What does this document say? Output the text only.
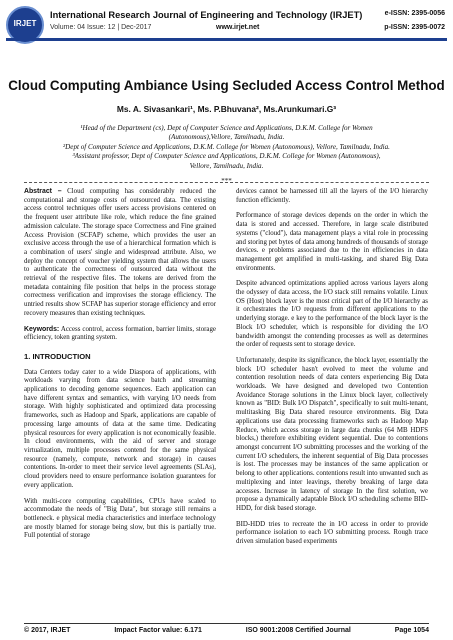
IRJET
International Research Journal of Engineering and Technology (IRJET)
Volume: 04 Issue: 12 | Dec-2017	www.irjet.net
e-ISSN: 2395-0056
p-ISSN: 2395-0072
Cloud Computing Ambiance Using Secluded Access Control Method
Ms. A. Sivasankari¹, Ms. P.Bhuvana², Ms.Arunkumari.G³
¹Head of the Department (cs), Dept of Computer Science and Applications, D.K.M. College for Women
(Autonomous),Vellore, Tamilnadu, India.
²Dept of Computer Science and Applications, D.K.M. College for Women (Autonomous), Vellore, Tamilnadu, India.
³Assistant professor, Dept of Computer Science and Applications, D.K.M. College for Women (Autonomous),
Vellore, Tamilnadu, India.
***

Abstract – Cloud computing has considerably reduced the computational and storage costs of outsourced data. The existing access control techniques offer users access provisions centered on the frequent user attribute like role, which reduce the fine grained admission calculate. The storage space Correctness and Fine grained Access Provision (SCFAP) scheme, which provides the user an exclusive access through the use of a hierarchical formation which is a combination of users' single and widespread attribute. Also, we deploy the concept of voucher yielding system that allows the users to authenticate the correctness of outsourced data without the retrieval of the respective files. The tokens are derived from the metadata containing file position that helps in the process storage correctness verification and improvises the storage efficiency. The untried results show SCFAP has superior storage efficiency and error recovery measures than existing techniques.

Keywords: Access control, access formation, barrier limits, storage efficiency, token granting system.

1. INTRODUCTION

Data Centers today cater to a wide Diaspora of applications, with workloads varying from data science batch and streaming applications to decoding genome sequences. Each application can have different syntax and semantics, with varying I/O needs from storage. With highly sophisticated and optimized data processing frameworks, such as Hadoop and Spark, applications are capable of processing large amounts of data at the same time. Dedicating physical resources for every application is not economically feasible. In cloud environments, with the aid of server and storage virtualization, multiple processes contend for the same physical resource (namely, compute, network and storage) in causes contentions. In-order to meet their service level agreements (SLAs), cloud providers need to ensure performance isolation guarantees for every application.

With multi-core computing capabilities, CPUs have scaled to accommodate the needs of "Big Data", but storage still remains a bottleneck. e physical media characteristics and interface technology are mostly blamed for storage being slow, but this is partially true. Full potential of storage

devices cannot be harnessed till all the layers of the I/O hierarchy function efficiently.

Performance of storage devices depends on the order in which the data is stored and accessed. Therefore, in large scale distributed systems ("cloud"), data management plays a vital role in processing and storing pet bytes of data among hundreds of thousands of storage devices. e problems associated due to the in efficiencies in data management get amplified in multi-tasking, and shared Big Data environments.

Despite advanced optimizations applied across various layers along the odyssey of data access, the I/O stack still remains volatile. Linux OS (Host) block layer is the most critical part of the I/O hierarchy as it orchestrates the I/O requests from different applications to the underlying storage. e key to the performance of the block layer is the Block I/O scheduler, which is responsible for dividing the I/O bandwidth amongst the contending processes as well as determines the order of requests sent to storage device.

Unfortunately, despite its significance, the block layer, essentially the block I/O scheduler hasn't evolved to meet the volume and contention resolution needs of data centers experiencing Big Data workloads. We have designed and developed two Contention Avoidance Storage solutions in the Linux block layer, collectively known as "BID: Bulk I/O Dispatch", specifically to suit multi-tenant, multitasking Big Data shared resource environments. Big Data applications use data processing frameworks such as Hadoop Map Reduce, which access storage in large data chunks (64 MB HDFS blocks,) therefore exhibiting evident sequential. Due to contentions amongst concurrent I/O submitting processes and the working of the current I/O schedulers, the inherent sequential of Big Data processes is lost. The processes may be instances of the same application or belong to other applications. contentions result into unwanted such as multiplexing and inter leavings, thereby breaking of large data accesses. Increase in latency of storage In the first solution, we propose a dynamically adaptable Block I/O scheduling scheme BID-HDD, for disk based storage.

BID-HDD tries to recreate the in I/O access in order to provide performance isolation to each I/O submitting process. Rough trace driven simulation based experiments

© 2017, IRJET	Impact Factor value: 6.171	ISO 9001:2008 Certified Journal	Page 1054
